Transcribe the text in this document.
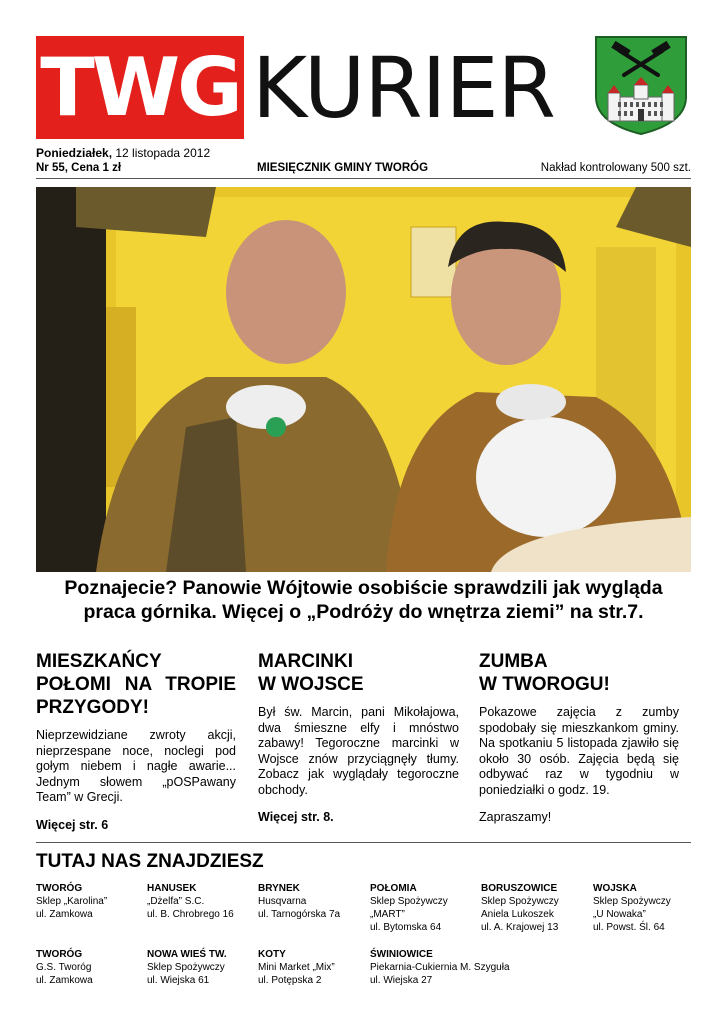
TWG KURIER
Poniedziałek, 12 listopada 2012
Nr 55, Cena 1 zł	MIESIĘCZNIK GMINY TWORÓG	Nakład kontrolowany 500 szt.
Poznajecie? Panowie Wójtowie osobiście sprawdzili jak wygląda
praca górnika. Więcej o „Podróży do wnętrza ziemi” na str.7.
MIESZKAŃCY
POŁOMI NA TROPIE
PRZYGODY!

Nieprzewidziane zwroty akcji, nieprzespane noce, noclegi pod gołym niebem i nagłe awarie... Jednym słowem „pOSPawany Team” w Grecji.

Więcej str. 6
MARCINKI
W WOJSCE

Był św. Marcin, pani Mikołajowa, dwa śmieszne elfy i mnóstwo zabawy! Tegoroczne marcinki w Wojsce znów przyciągnęły tłumy. Zobacz jak wyglądały tegoroczne obchody.

Więcej str. 8.
ZUMBA
W TWOROGU!

Pokazowe zajęcia z zumby spodobały się mieszkankom gminy. Na spotkaniu 5 listopada zjawiło się około 30 osób. Zajęcia będą się odbywać raz w tygodniu w poniedziałki o godz. 19.

Zapraszamy!
TUTAJ NAS ZNAJDZIESZ
TWORÓG
Sklep „Karolina”
ul. Zamkowa
HANUSEK
„Dżelfa” S.C.
ul. B. Chrobrego 16
BRYNEK
Husqvarna
ul. Tarnogórska 7a
POŁOMIA
Sklep Spożywczy
„MART”
ul. Bytomska 64
BORUSZOWICE
Sklep Spożywczy
Aniela Lukoszek
ul. A. Krajowej 13
WOJSKA
Sklep Spożywczy
„U Nowaka”
ul. Powst. Śl. 64
TWORÓG
G.S. Tworóg
ul. Zamkowa
NOWA WIEŚ TW.
Sklep Spożywczy
ul. Wiejska 61
KOTY
Mini Market „Mix”
ul. Potępska 2
ŚWINIOWICE
Piekarnia-Cukiernia M. Szyguła
ul. Wiejska 27
